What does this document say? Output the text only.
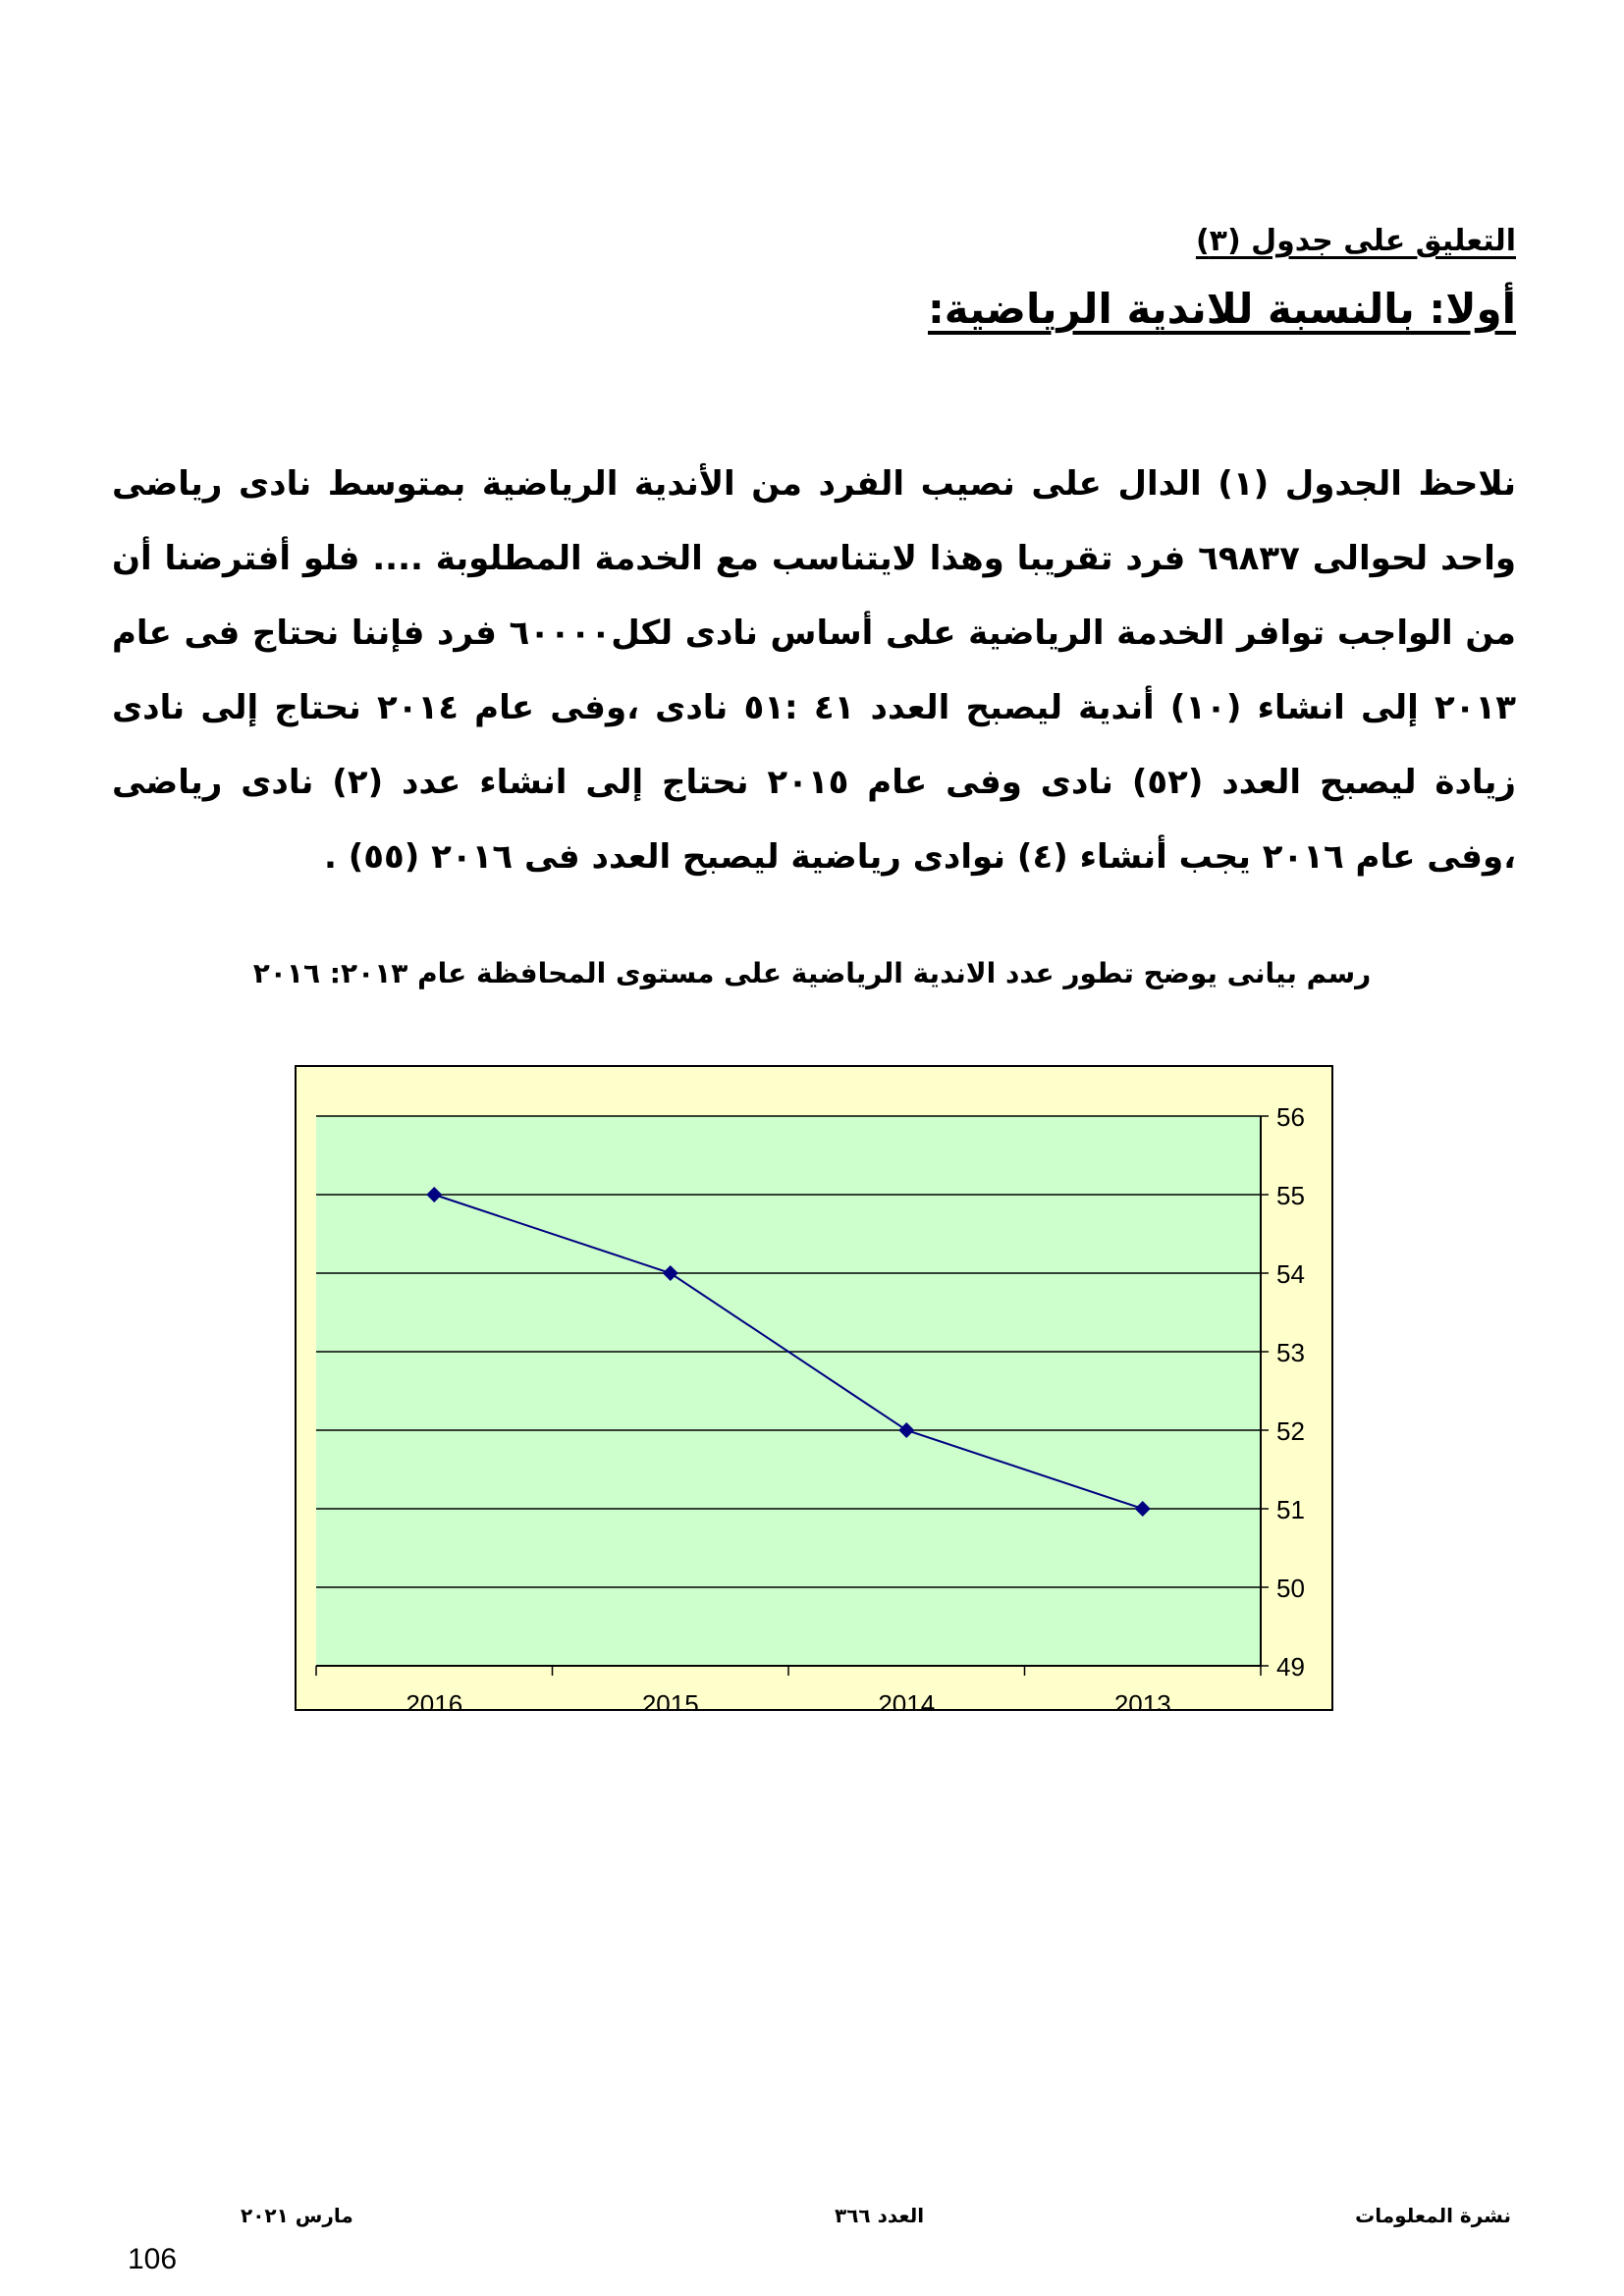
التعليق على جدول (٣)
أولا: بالنسبة للاندية الرياضية:
نلاحظ الجدول (١) الدال على نصيب الفرد من الأندية الرياضية بمتوسط نادى رياضى واحد لحوالى ٦٩٨٣٧ فرد تقريبا وهذا لايتناسب مع الخدمة المطلوبة .... فلو أفترضنا أن من الواجب توافر الخدمة الرياضية على أساس نادى لكل٦٠٠٠٠ فرد فإننا نحتاج فى عام ٢٠١٣ إلى انشاء (١٠) أندية ليصبح العدد ٤١ :٥١ نادى ،وفى عام ٢٠١٤ نحتاج إلى نادى زيادة ليصبح العدد (٥٢) نادى وفى عام ٢٠١٥ نحتاج إلى انشاء عدد (٢) نادى رياضى ،وفى عام ٢٠١٦ يجب أنشاء (٤) نوادى رياضية ليصبح العدد فى ٢٠١٦ (٥٥) .
رسم بيانى يوضح تطور عدد الاندية الرياضية على مستوى المحافظة عام ٢٠١٣: ٢٠١٦
49
50
51
52
53
54
55
56
2016	2015	2014	2013
مارس ٢٠٢١	العدد ٣٦٦	نشرة المعلومات
106
